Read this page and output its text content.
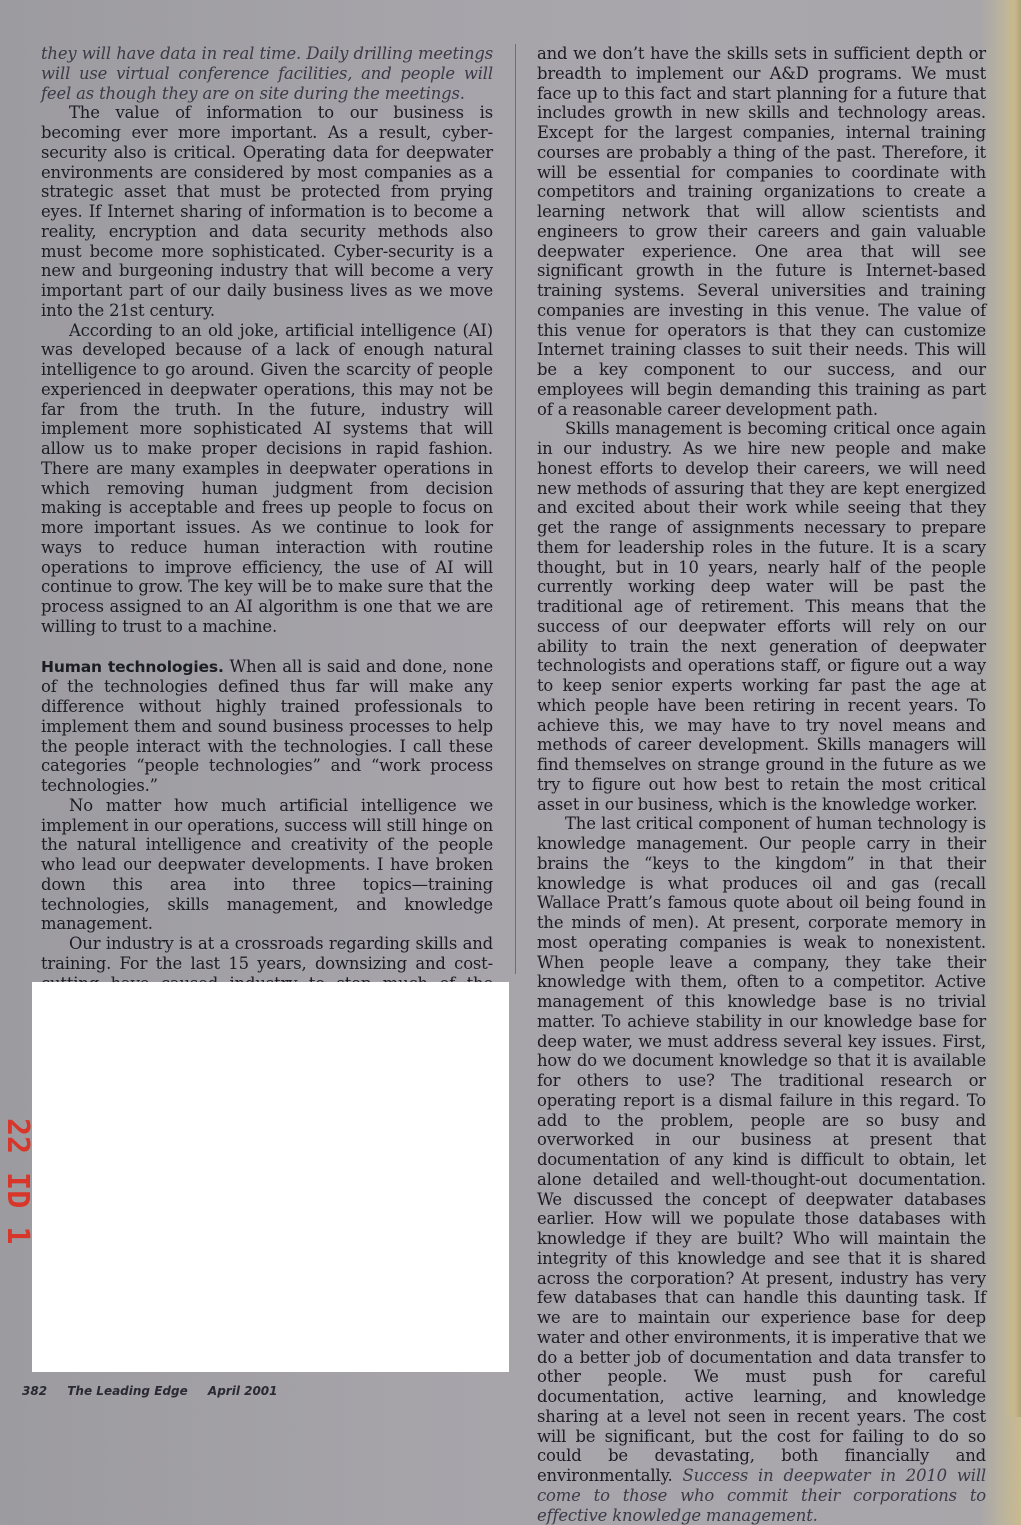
they will have data in real time. Daily drilling meetings will use virtual conference facilities, and people will feel as though they are on site during the meetings.

The value of information to our business is becoming ever more important. As a result, cyber-security also is critical. Operating data for deepwater environments are considered by most companies as a strategic asset that must be protected from prying eyes. If Internet sharing of information is to become a reality, encryption and data security methods also must become more sophisticated. Cyber-security is a new and burgeoning industry that will become a very important part of our daily business lives as we move into the 21st century.

According to an old joke, artificial intelligence (AI) was developed because of a lack of enough natural intelligence to go around. Given the scarcity of people experienced in deepwater operations, this may not be far from the truth. In the future, industry will implement more sophisticated AI systems that will allow us to make proper decisions in rapid fashion. There are many examples in deepwater operations in which removing human judgment from decision making is acceptable and frees up people to focus on more important issues. As we continue to look for ways to reduce human interaction with routine operations to improve efficiency, the use of AI will continue to grow. The key will be to make sure that the process assigned to an AI algorithm is one that we are willing to trust to a machine.

Human technologies. When all is said and done, none of the technologies defined thus far will make any difference without highly trained professionals to implement them and sound business processes to help the people interact with the technologies. I call these categories “people technologies” and “work process technologies.”

No matter how much artificial intelligence we implement in our operations, success will still hinge on the natural intelligence and creativity of the people who lead our deepwater developments. I have broken down this area into three topics—training technologies, skills management, and knowledge management.

Our industry is at a crossroads regarding skills and training. For the last 15 years, downsizing and cost-

and we don’t have the skills sets in sufficient depth or breadth to implement our A&D programs. We must face up to this fact and start planning for a future that includes growth in new skills and technology areas. Except for the largest companies, internal training courses are probably a thing of the past. Therefore, it will be essential for companies to coordinate with competitors and training organizations to create a learning network that will allow scientists and engineers to grow their careers and gain valuable deepwater experience. One area that will see significant growth in the future is Internet-based training systems. Several universities and training companies are investing in this venue. The value of this venue for operators is that they can customize Internet training classes to suit their needs. This will be a key component to our success, and our employees will begin demanding this training as part of a reasonable career development path.

Skills management is becoming critical once again in our industry. As we hire new people and make honest efforts to develop their careers, we will need new methods of assuring that they are kept energized and excited about their work while seeing that they get the range of assignments necessary to prepare them for leadership roles in the future. It is a scary thought, but in 10 years, nearly half of the people currently working deep water will be past the traditional age of retirement. This means that the success of our deepwater efforts will rely on our ability to train the next generation of deepwater technologists and operations staff, or figure out a way to keep senior experts working far past the age at which people have been retiring in recent years. To achieve this, we may have to try novel means and methods of career development. Skills managers will find themselves on strange ground in the future as we try to figure out how best to retain the most critical asset in our business, which is the knowledge worker.

The last critical component of human technology is knowledge management. Our people carry in their brains the “keys to the kingdom” in that their knowledge is what produces oil and gas (recall Wallace Pratt’s famous quote about oil being found in the minds of men). At present, corporate memory in most operating companies is weak to nonexistent. When people leave a company, they take their knowledge with them, often to a competitor. Active management of this knowledge base is no trivial matter. To achieve stability in our knowledge base for deep water, we must address several key issues. First, how do we document knowledge so that it is available for others to use? The traditional research or operating report is a dismal failure in this regard. To add to the problem, people are so busy and overworked in our business at present that documentation of any kind is difficult to obtain, let alone detailed and well-thought-out documentation. We discussed the concept of deepwater databases earlier. How will we populate those databases with knowledge if they are built? Who will maintain the integrity of this knowledge and see that it is shared across the corporation? At present, industry has very few databases that can handle this daunting task. If we are to maintain our experience base for deep water and other environments, it is imperative that we do a better job of documentation and data transfer to other people. We must push for careful documentation, active learning, and knowledge sharing at a level not seen in recent years. The cost will be significant, but the cost for failing to do so could be devastating, both financially and environmentally. Success in deepwater in 2010 will come to those who commit their corporations to effective knowledge management.

382 The Leading Edge April 2001
22 ID 1
